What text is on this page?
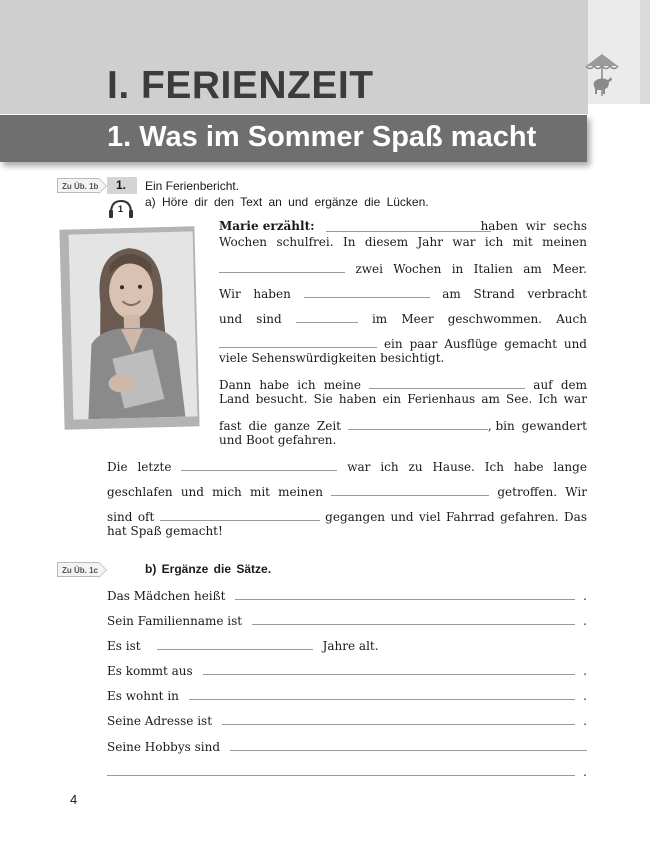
I. FERIENZEIT
1. Was im Sommer Spaß macht
Zu Üb. 1b 1. Ein Ferienbericht.
a) Höre dir den Text an und ergänze die Lücken.
1
Marie erzählt:	haben wir sechs
Wochen schulfrei. In diesem Jahr war ich mit meinen
zwei Wochen in Italien am Meer.
Wir haben	am Strand verbracht
und sind	im Meer geschwommen. Auch
ein paar Ausflüge gemacht und
viele Sehenswürdigkeiten besichtigt.
Dann habe ich meine	auf dem
Land besucht. Sie haben ein Ferienhaus am See. Ich war
fast die ganze Zeit	, bin gewandert
und Boot gefahren.
Die letzte	war ich zu Hause. Ich habe lange
geschlafen und mich mit meinen	getroffen. Wir
sind oft	gegangen und viel Fahrrad gefahren. Das
hat Spaß gemacht!
Zu Üb. 1c	b) Ergänze die Sätze.
Das Mädchen heißt	.
Sein Familienname ist	.
Es ist	Jahre alt.
Es kommt aus	.
Es wohnt in	.
Seine Adresse ist	.
Seine Hobbys sind
.
4
